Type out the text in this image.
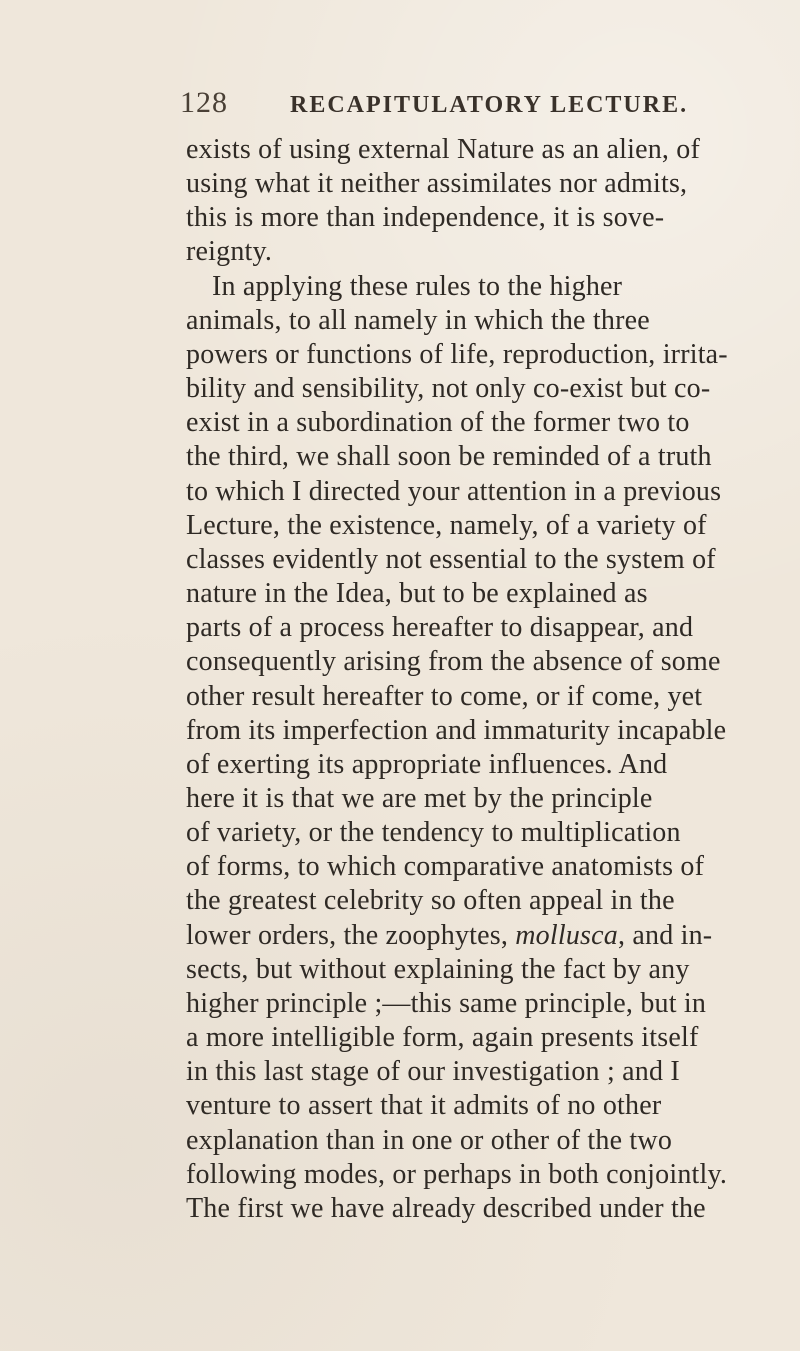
128	RECAPITULATORY LECTURE.
exists of using external Nature as an alien, of
using what it neither assimilates nor admits,
this is more than independence, it is sove-
reignty.
In applying these rules to the higher
animals, to all namely in which the three
powers or functions of life, reproduction, irrita-
bility and sensibility, not only co-exist but co-
exist in a subordination of the former two to
the third, we shall soon be reminded of a truth
to which I directed your attention in a previous
Lecture, the existence, namely, of a variety of
classes evidently not essential to the system of
nature in the Idea, but to be explained as
parts of a process hereafter to disappear, and
consequently arising from the absence of some
other result hereafter to come, or if come, yet
from its imperfection and immaturity incapable
of exerting its appropriate influences. And
here it is that we are met by the principle
of variety, or the tendency to multiplication
of forms, to which comparative anatomists of
the greatest celebrity so often appeal in the
lower orders, the zoophytes, mollusca, and in-
sects, but without explaining the fact by any
higher principle ;—this same principle, but in
a more intelligible form, again presents itself
in this last stage of our investigation ; and I
venture to assert that it admits of no other
explanation than in one or other of the two
following modes, or perhaps in both conjointly.
The first we have already described under the
